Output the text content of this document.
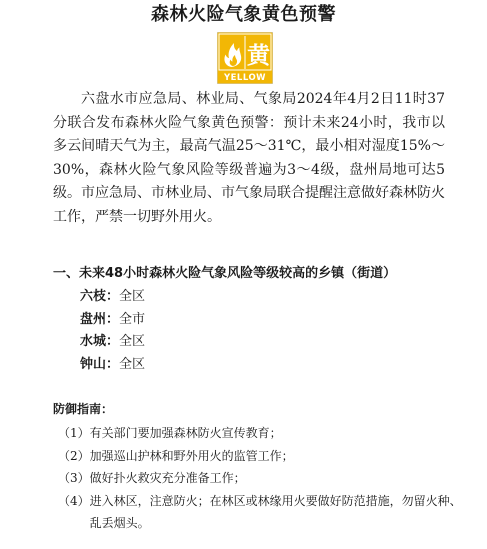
森林火险气象黄色预警
黄
YELLOW

六盘水市应急局、林业局、气象局2024年4月2日11时37分联合发布森林火险气象黄色预警：预计未来24小时，我市以多云间晴天气为主，最高气温25～31℃，最小相对湿度15%～30%，森林火险气象风险等级普遍为3～4级，盘州局地可达5级。市应急局、市林业局、市气象局联合提醒注意做好森林防火工作，严禁一切野外用火。

一、未来48小时森林火险气象风险等级较高的乡镇（街道）
六枝：全区
盘州：全市
水城：全区
钟山：全区
防御指南：
（1） 有关部门要加强森林防火宣传教育；
（2） 加强巡山护林和野外用火的监管工作；
（3） 做好扑火救灾充分准备工作；
（4） 进入林区，注意防火；在林区或林缘用火要做好防范措施，勿留火种、乱丢烟头。
